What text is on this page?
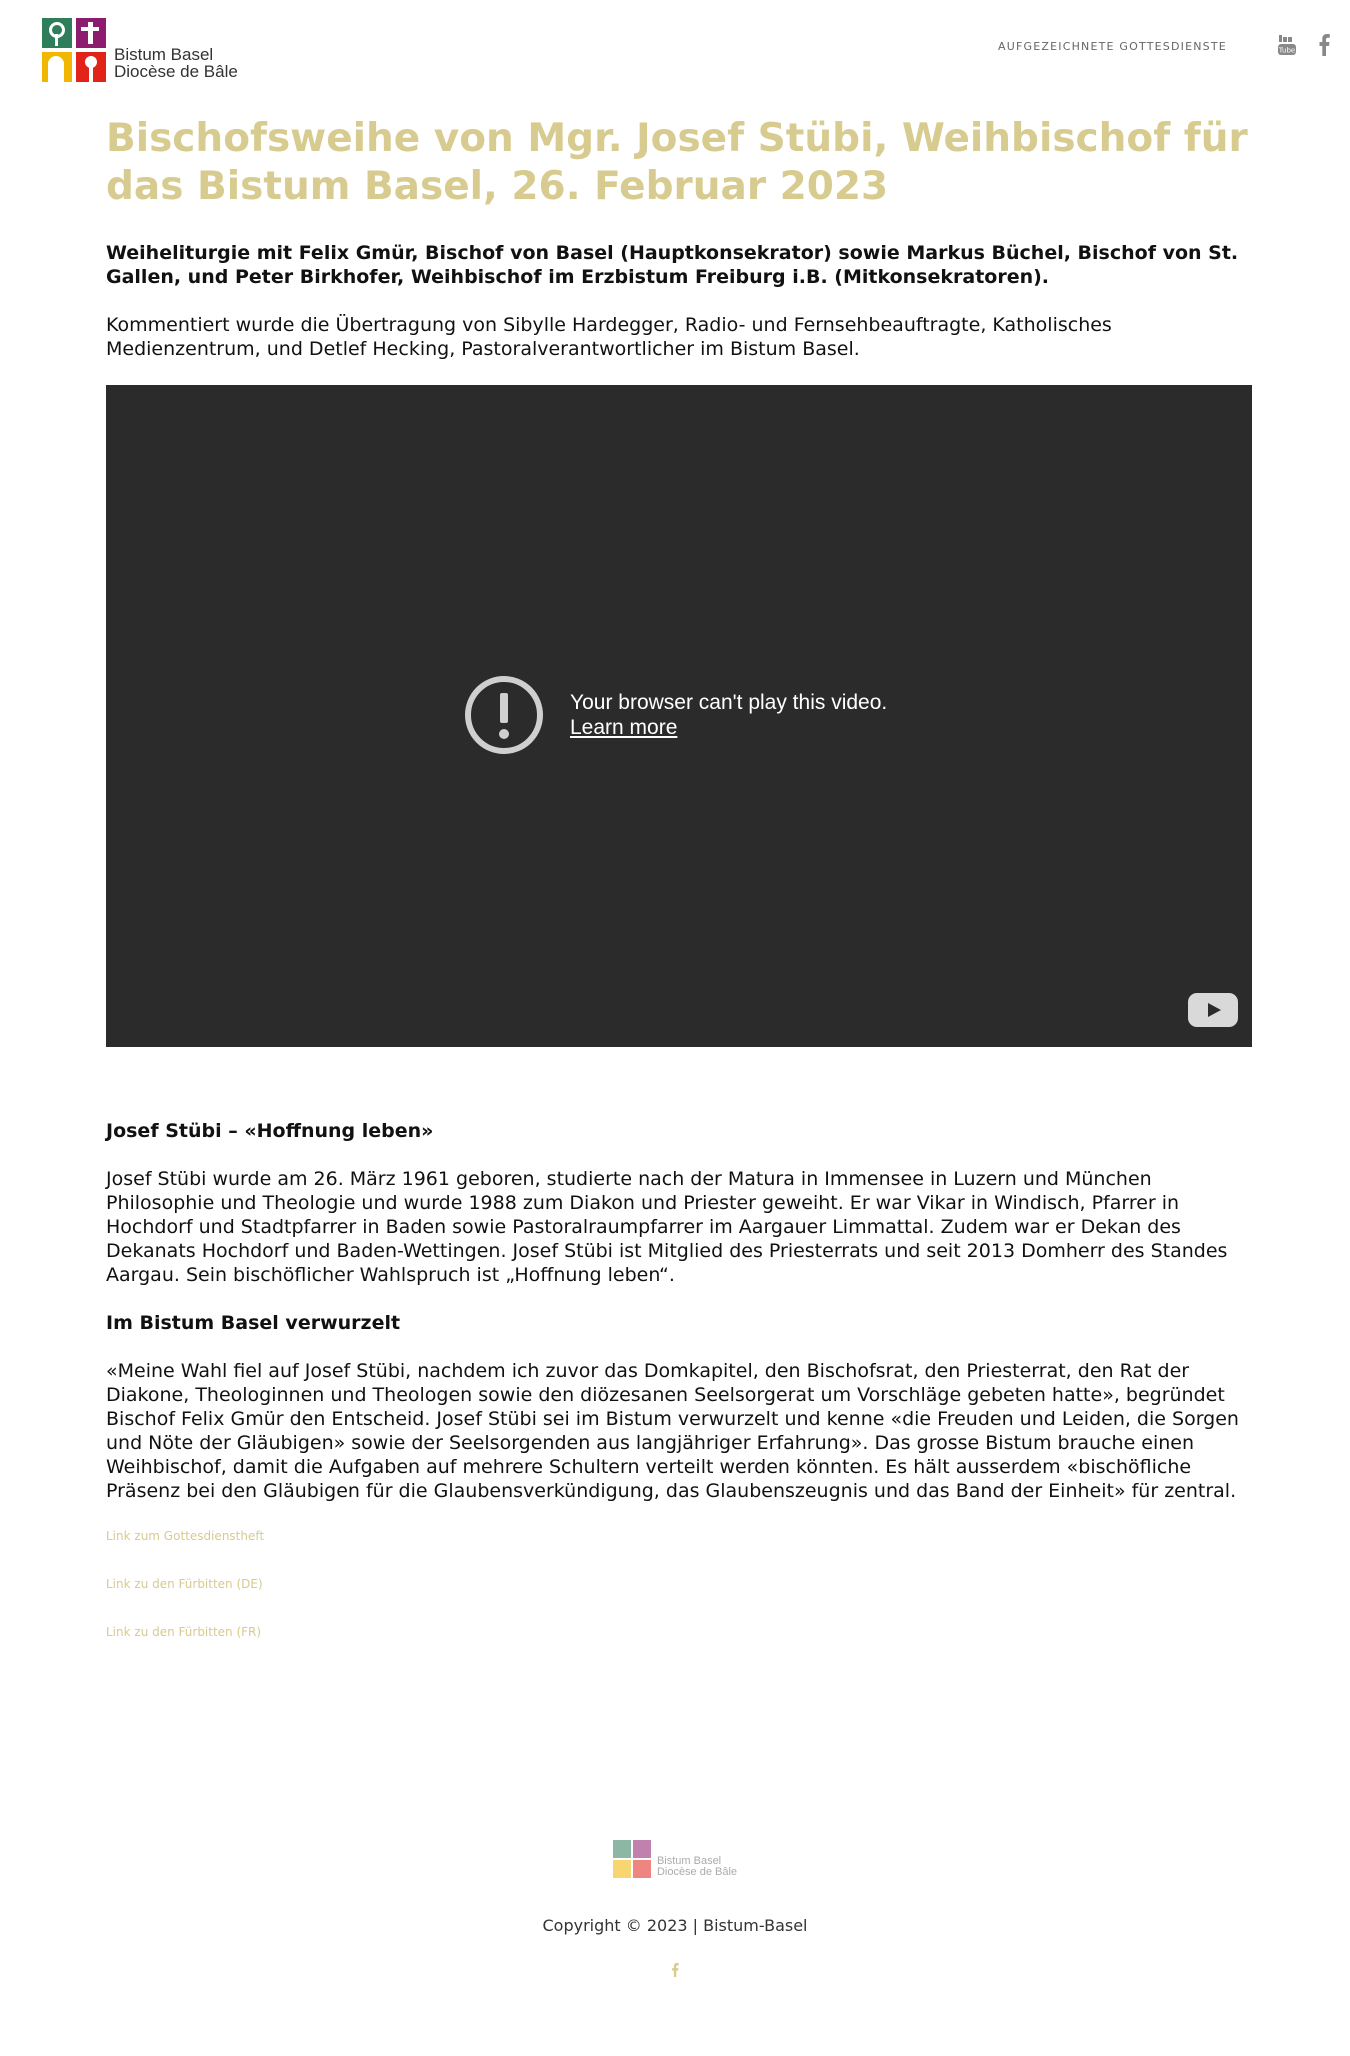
Bistum Basel
Diocèse de Bâle
AUFGEZEICHNETE GOTTESDIENSTE	Tube
Bischofsweihe von Mgr. Josef Stübi, Weihbischof für das Bistum Basel, 26. Februar 2023

Weiheliturgie mit Felix Gmür, Bischof von Basel (Hauptkonsekrator) sowie Markus Büchel, Bischof von St. Gallen, und Peter Birkhofer, Weihbischof im Erzbistum Freiburg i.B. (Mitkonsekratoren).

Kommentiert wurde die Übertragung von Sibylle Hardegger, Radio- und Fernsehbeauftragte, Katholisches Medienzentrum, und Detlef Hecking, Pastoralverantwortlicher im Bistum Basel.

Your browser can't play this video.
Learn more
Josef Stübi – «Hoffnung leben»

Josef Stübi wurde am 26. März 1961 geboren, studierte nach der Matura in Immensee in Luzern und München Philosophie und Theologie und wurde 1988 zum Diakon und Priester geweiht. Er war Vikar in Windisch, Pfarrer in Hochdorf und Stadtpfarrer in Baden sowie Pastoralraumpfarrer im Aargauer Limmattal. Zudem war er Dekan des Dekanats Hochdorf und Baden-Wettingen. Josef Stübi ist Mitglied des Priesterrats und seit 2013 Domherr des Standes Aargau. Sein bischöflicher Wahlspruch ist „Hoffnung leben“.

Im Bistum Basel verwurzelt

«Meine Wahl fiel auf Josef Stübi, nachdem ich zuvor das Domkapitel, den Bischofsrat, den Priesterrat, den Rat der Diakone, Theologinnen und Theologen sowie den diözesanen Seelsorgerat um Vorschläge gebeten hatte», begründet Bischof Felix Gmür den Entscheid. Josef Stübi sei im Bistum verwurzelt und kenne «die Freuden und Leiden, die Sorgen und Nöte der Gläubigen» sowie der Seelsorgenden aus langjähriger Erfahrung». Das grosse Bistum brauche einen Weihbischof, damit die Aufgaben auf mehrere Schultern verteilt werden könnten. Es hält ausserdem «bischöfliche Präsenz bei den Gläubigen für die Glaubensverkündigung, das Glaubenszeugnis und das Band der Einheit» für zentral.

Link zum Gottesdienstheft
Link zu den Fürbitten (DE)
Link zu den Fürbitten (FR)
Bistum Basel
Diocèse de Bâle
Copyright © 2023 | Bistum-Basel
